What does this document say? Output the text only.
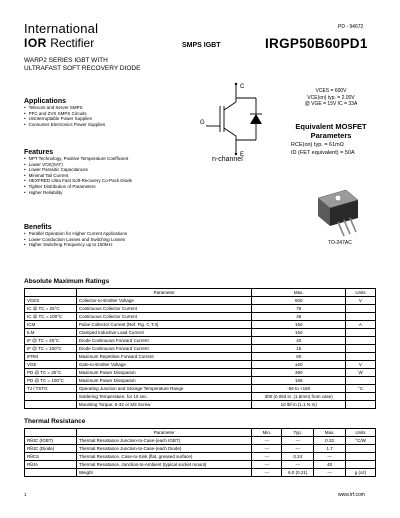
International
IOR Rectifier
PD - 94672
SMPS IGBT	IRGP50B60PD1
WARP2 SERIES IGBT WITH
ULTRAFAST SOFT RECOVERY DIODE
Applications
• Telecom and Server SMPS
• PFC and ZVS SMPS Circuits
• Uninterruptable Power Supplies
• Consumer Electronics Power Supplies
Features
• NPT Technology, Positive Temperature Coefficient
• Lower VCE(SAT)
• Lower Parasitic Capacitances
• Minimal Tail Current
• HEXFRED Ultra Fast Soft-Recovery Co-Pack Diode
• Tighter Distribution of Parameters
• Higher Reliability
Benefits
• Parallel Operation for Higher Current Applications
• Lower Conduction Losses and Switching Losses
• Higher Switching Frequency up to 150kHz
C
G
E
n-channel
VCES = 600V
VCE(on) typ. = 2.00V
@ VGE = 15V IC = 33A
Equivalent MOSFET Parameters
RCE(on) typ. = 61mΩ
ID (FET equivalent) = 50A
TO-247AC
Absolute Maximum Ratings
	Parameter	Max.	Units
VCES	Collector-to-Emitter Voltage	600	V
IC @ TC = 25°C	Continuous Collector Current	75	
IC @ TC = 100°C	Continuous Collector Current	45	
ICM	Pulse Collector Current (Ref. Fig. C.T.4)	150	A
ILM	Clamped Inductive Load Current	150	
IF @ TC = 25°C	Diode Continuous Forward Current	40	
IF @ TC = 100°C	Diode Continuous Forward Current	15	
IFRM	Maximum Repetitive Forward Current	60	
VGE	Gate-to-Emitter Voltage	±20	V
PD @ TC = 25°C	Maximum Power Dissipation	390	W
PD @ TC = 100°C	Maximum Power Dissipation	156	
TJ / TSTG	Operating Junction and Storage Temperature Range	-55 to +150	°C
	Soldering Temperature, for 10 sec.	300 (0.063 in. (1.6mm) from case)	
	Mounting Torque, 6-32 or M3 Screw	10 lbf·in (1.1 N·m)	
Thermal Resistance
	Parameter	Min.	Typ.	Max.	Units
RθJC (IGBT)	Thermal Resistance Junction-to-Case-(each IGBT)	---	---	0.32	°C/W
RθJC (Diode)	Thermal Resistance Junction-to-Case-(each Diode)	---	---	1.7	
RθCS	Thermal Resistance, Case-to-Sink (flat, greased surface)	---	0.24	---	
RθJA	Thermal Resistance, Junction-to-Ambient (typical socket mount)	---	---	40	
	Weight	---	6.0 (0.21)	---	g (oz)
1	www.irf.com
